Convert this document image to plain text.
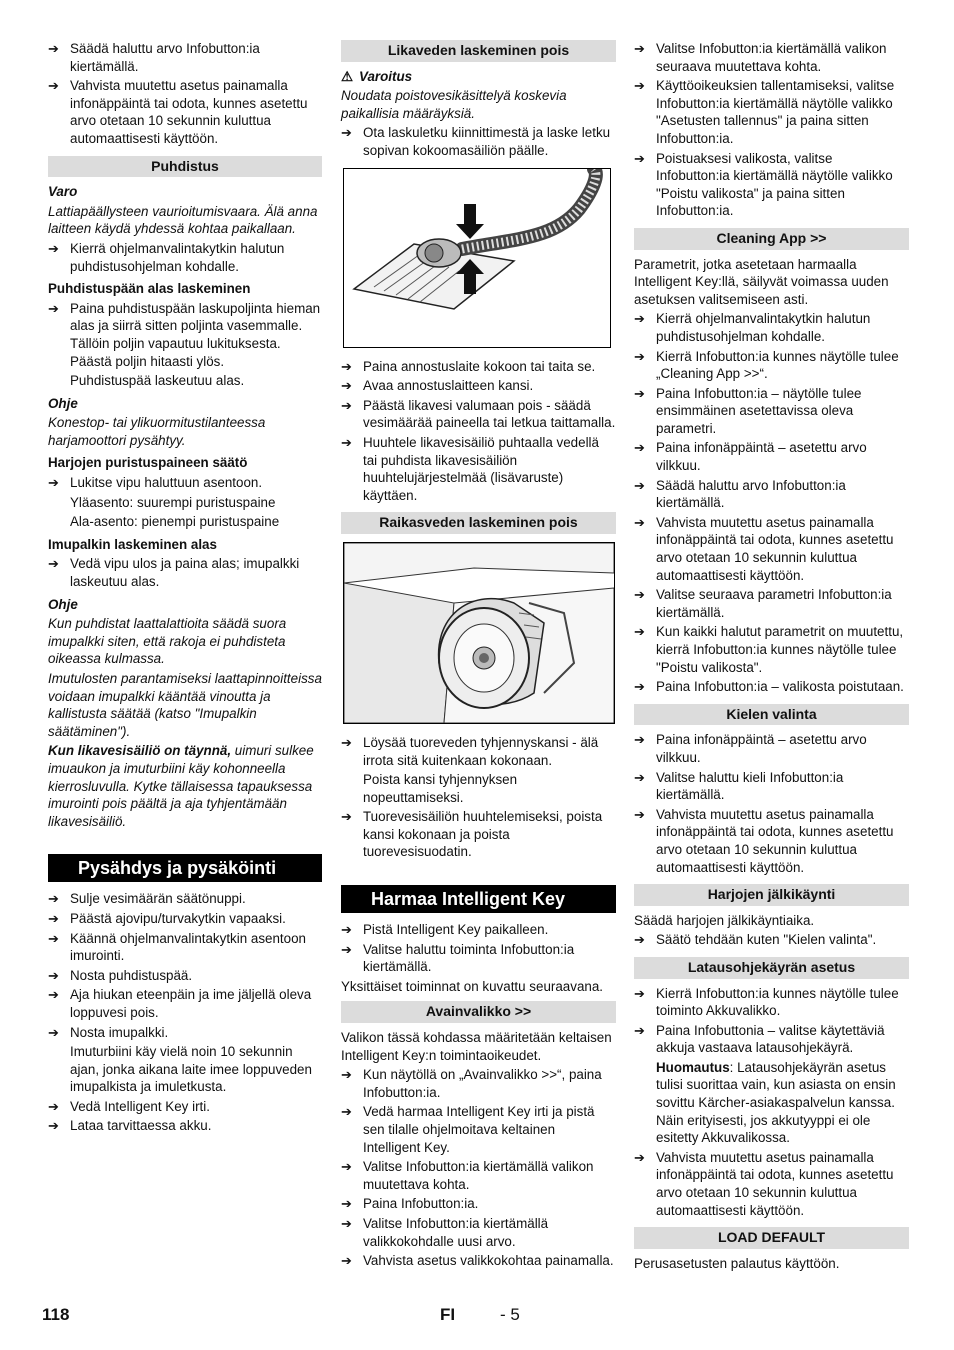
➔ Säädä haluttu arvo Infobutton:ia kiertämällä.
➔ Vahvista muutettu asetus painamalla infonäppäintä tai odota, kunnes asetettu arvo otetaan 10 sekunnin kuluttua automaattisesti käyttöön.
Puhdistus
Varo

Lattiapäällysteen vaurioitumisvaara. Älä anna laitteen käydä yhdessä kohtaa paikallaan.

➔ Kierrä ohjelmanvalintakytkin halutun puhdistusohjelman kohdalle.
Puhdistuspään alas laskeminen
➔ Paina puhdistuspään laskupoljinta hieman alas ja siirrä sitten poljinta vasemmalle. Tällöin poljin vapautuu lukituksesta. Päästä poljin hitaasti ylös.
Puhdistuspää laskeutuu alas.
Ohje

Konestop- tai ylikuormitustilanteessa harjamoottori pysähtyy.

Harjojen puristuspaineen säätö
➔ Lukitse vipu haluttuun asentoon.
Yläasento: suurempi puristuspaine
Ala-asento: pienempi puristuspaine
Imupalkin laskeminen alas
➔ Vedä vipu ulos ja paina alas; imupalkki laskeutuu alas.
Ohje

Kun puhdistat laattalattioita säädä suora imupalkki siten, että rakoja ei puhdisteta oikeassa kulmassa.

Imutulosten parantamiseksi laattapinnoitteissa voidaan imupalkki kääntää vinoutta ja kallistusta säätää (katso "Imupalkin säätäminen").

Kun likavesisäiliö on täynnä, uimuri sulkee imuaukon ja imuturbiini käy kohonneella kierrosluvulla. Kytke tällaisessa tapauksessa imurointi pois päältä ja aja tyhjentämään likavesisäiliö.

Pysähdys ja pysäköinti
➔ Sulje vesimäärän säätönuppi.
➔ Päästä ajovipu/turvakytkin vapaaksi.
➔ Käännä ohjelmanvalintakytkin asentoon imurointi.
➔ Nosta puhdistuspää.
➔ Aja hiukan eteenpäin ja ime jäljellä oleva loppuvesi pois.
➔ Nosta imupalkki.
Imuturbiini käy vielä noin 10 sekunnin ajan, jonka aikana laite imee loppuveden imupalkista ja imuletkusta.
➔ Vedä Intelligent Key irti.
➔ Lataa tarvittaessa akku.
Likaveden laskeminen pois
⚠ Varoitus

Noudata poistovesikäsittelyä koskevia paikallisia määräyksiä.

➔ Ota laskuletku kiinnittimestä ja laske letku sopivan kokoomasäiliön päälle.
➔ Paina annostuslaite kokoon tai taita se.
➔ Avaa annostuslaitteen kansi.
➔ Päästä likavesi valumaan pois - säädä vesimäärää paineella tai letkua taittamalla.
➔ Huuhtele likavesisäiliö puhtaalla vedellä tai puhdista likavesisäiliön huuhtelujärjestelmää (lisävaruste) käyttäen.
Raikasveden laskeminen pois
➔ Löysää tuoreveden tyhjennyskansi - älä irrota sitä kuitenkaan kokonaan.
Poista kansi tyhjennyksen nopeuttamiseksi.
➔ Tuorevesisäiliön huuhtelemiseksi, poista kansi kokonaan ja poista tuorevesisuodatin.
Harmaa Intelligent Key
➔ Pistä Intelligent Key paikalleen.
➔ Valitse haluttu toiminta Infobutton:ia kiertämällä.

Yksittäiset toiminnat on kuvattu seuraavana.

Avainvalikko >>

Valikon tässä kohdassa määritetään keltaisen Intelligent Key:n toimintaoikeudet.

➔ Kun näytöllä on „Avainvalikko >>“, paina Infobutton:ia.
➔ Vedä harmaa Intelligent Key irti ja pistä sen tilalle ohjelmoitava keltainen Intelligent Key.
➔ Valitse Infobutton:ia kiertämällä valikon muutettava kohta.
➔ Paina Infobutton:ia.
➔ Valitse Infobutton:ia kiertämällä valikkokohdalle uusi arvo.
➔ Vahvista asetus valikkokohtaa painamalla.
➔ Valitse Infobutton:ia kiertämällä valikon seuraava muutettava kohta.
➔ Käyttöoikeuksien tallentamiseksi, valitse Infobutton:ia kiertämällä näytölle valikko "Asetusten tallennus" ja paina sitten Infobutton:ia.
➔ Poistuaksesi valikosta, valitse Infobutton:ia kiertämällä näytölle valikko "Poistu valikosta" ja paina sitten Infobutton:ia.
Cleaning App >>

Parametrit, jotka asetetaan harmaalla Intelligent Key:llä, säilyvät voimassa uuden asetuksen valitsemiseen asti.

➔ Kierrä ohjelmanvalintakytkin halutun puhdistusohjelman kohdalle.
➔ Kierrä Infobutton:ia kunnes näytölle tulee „Cleaning App >>“.
➔ Paina Infobutton:ia – näytölle tulee ensimmäinen asetettavissa oleva parametri.
➔ Paina infonäppäintä – asetettu arvo vilkkuu.
➔ Säädä haluttu arvo Infobutton:ia kiertämällä.
➔ Vahvista muutettu asetus painamalla infonäppäintä tai odota, kunnes asetettu arvo otetaan 10 sekunnin kuluttua automaattisesti käyttöön.
➔ Valitse seuraava parametri Infobutton:ia kiertämällä.
➔ Kun kaikki halutut parametrit on muutettu, kierrä Infobutton:ia kunnes näytölle tulee "Poistu valikosta".
➔ Paina Infobutton:ia – valikosta poistutaan.
Kielen valinta
➔ Paina infonäppäintä – asetettu arvo vilkkuu.
➔ Valitse haluttu kieli Infobutton:ia kiertämällä.
➔ Vahvista muutettu asetus painamalla infonäppäintä tai odota, kunnes asetettu arvo otetaan 10 sekunnin kuluttua automaattisesti käyttöön.
Harjojen jälkikäynti

Säädä harjojen jälkikäyntiaika.

➔ Säätö tehdään kuten "Kielen valinta".
Latausohjekäyrän asetus
➔ Kierrä Infobutton:ia kunnes näytölle tulee toiminto Akkuvalikko.
➔ Paina Infobuttonia – valitse käytettäviä akkuja vastaava latausohjekäyrä.
Huomautus: Latausohjekäyrän asetus tulisi suorittaa vain, kun asiasta on ensin sovittu Kärcher-asiakaspalvelun kanssa. Näin erityisesti, jos akkutyyppi ei ole esitetty Akkuvalikossa.
➔ Vahvista muutettu asetus painamalla infonäppäintä tai odota, kunnes asetettu arvo otetaan 10 sekunnin kuluttua automaattisesti käyttöön.
LOAD DEFAULT

Perusasetusten palautus käyttöön.

118	FI	- 5
